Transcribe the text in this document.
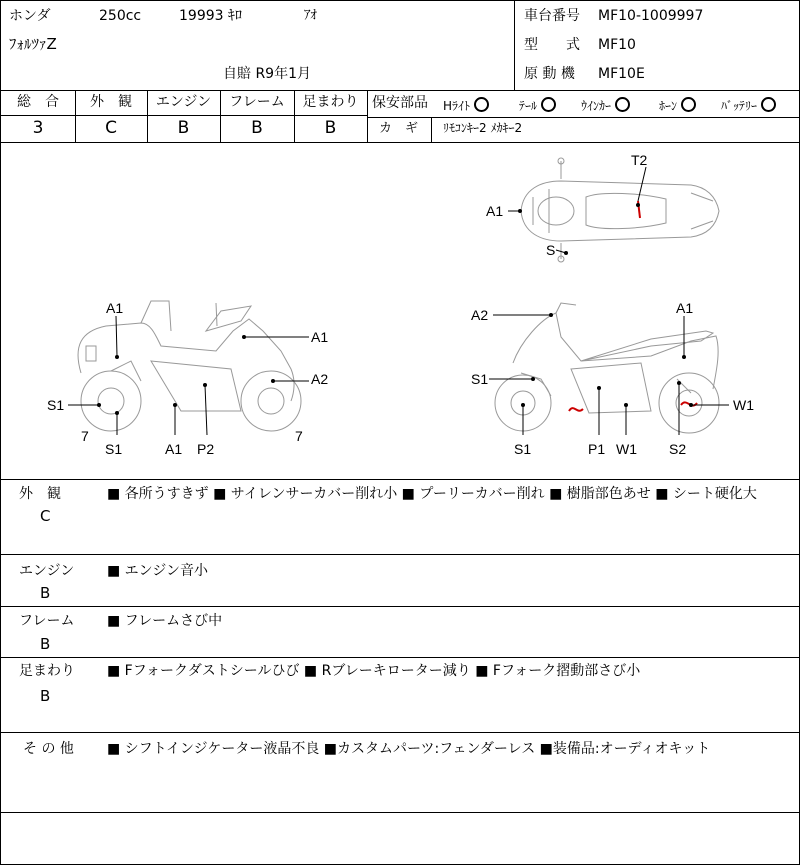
ホンダ	250cc	19993 ｷﾛ	ｱｵ
ﾌｫﾙﾂｧZ
自賠 R9年1月
車台番号 MF10-1009997
型　　式 MF10
原 動 機 MF10E
総　合	外　観	エンジン	フレーム	足まわり
3	C	B	B	B
保安部品 Hﾗｲﾄ	ﾃｰﾙ	ｳｲﾝｶｰ	ﾎｰﾝ	ﾊﾞｯﾃﾘｰ
カ　ギ ﾘﾓｺﾝｷｰ2 ﾒｶｷｰ2
T2
A1
S
A1
A1
A2
S1
7
S1	A1 P2
7
A2	A1
S1
W1
S1	P1 W1 S2
外　観
C
■ 各所うすきず ■ サイレンサーカバー削れ小 ■ プーリーカバー削れ ■ 樹脂部色あせ ■ シート硬化大
エンジン
B
■ エンジン音小
フレーム
B
■ フレームさび中
足まわり
B
■ Fフォークダストシールひび ■ Rブレーキローター減り ■ Fフォーク摺動部さび小
そ の 他 ■ シフトインジケーター液晶不良 ■カスタムパーツ:フェンダーレス ■装備品:オーディオキット
